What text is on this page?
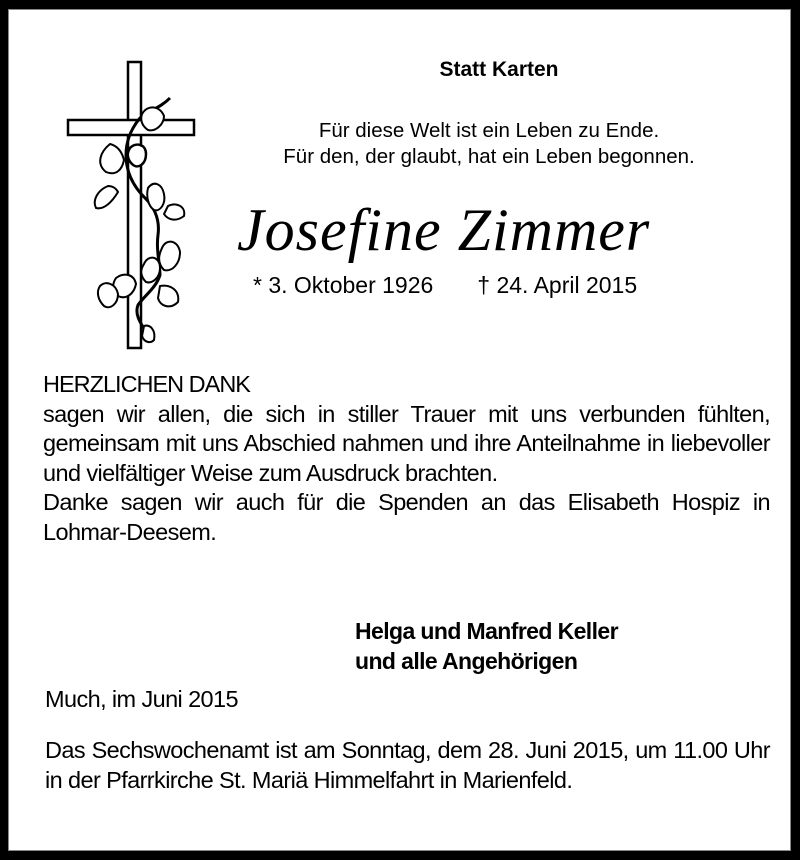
Statt Karten
Für diese Welt ist ein Leben zu Ende.
Für den, der glaubt, hat ein Leben begonnen.
Josefine Zimmer
* 3. Oktober 1926 † 24. April 2015

HERZLICHEN DANK

sagen wir allen, die sich in stiller Trauer mit uns verbunden fühlten, gemeinsam mit uns Abschied nahmen und ihre Anteilnahme in liebevoller und vielfältiger Weise zum Ausdruck brachten.

Danke sagen wir auch für die Spenden an das Elisabeth Hospiz in Lohmar-Deesem.

Helga und Manfred Keller
und alle Angehörigen
Much, im Juni 2015

Das Sechswochenamt ist am Sonntag, dem 28. Juni 2015, um 11.00 Uhr in der Pfarrkirche St. Mariä Himmelfahrt in Marienfeld.
